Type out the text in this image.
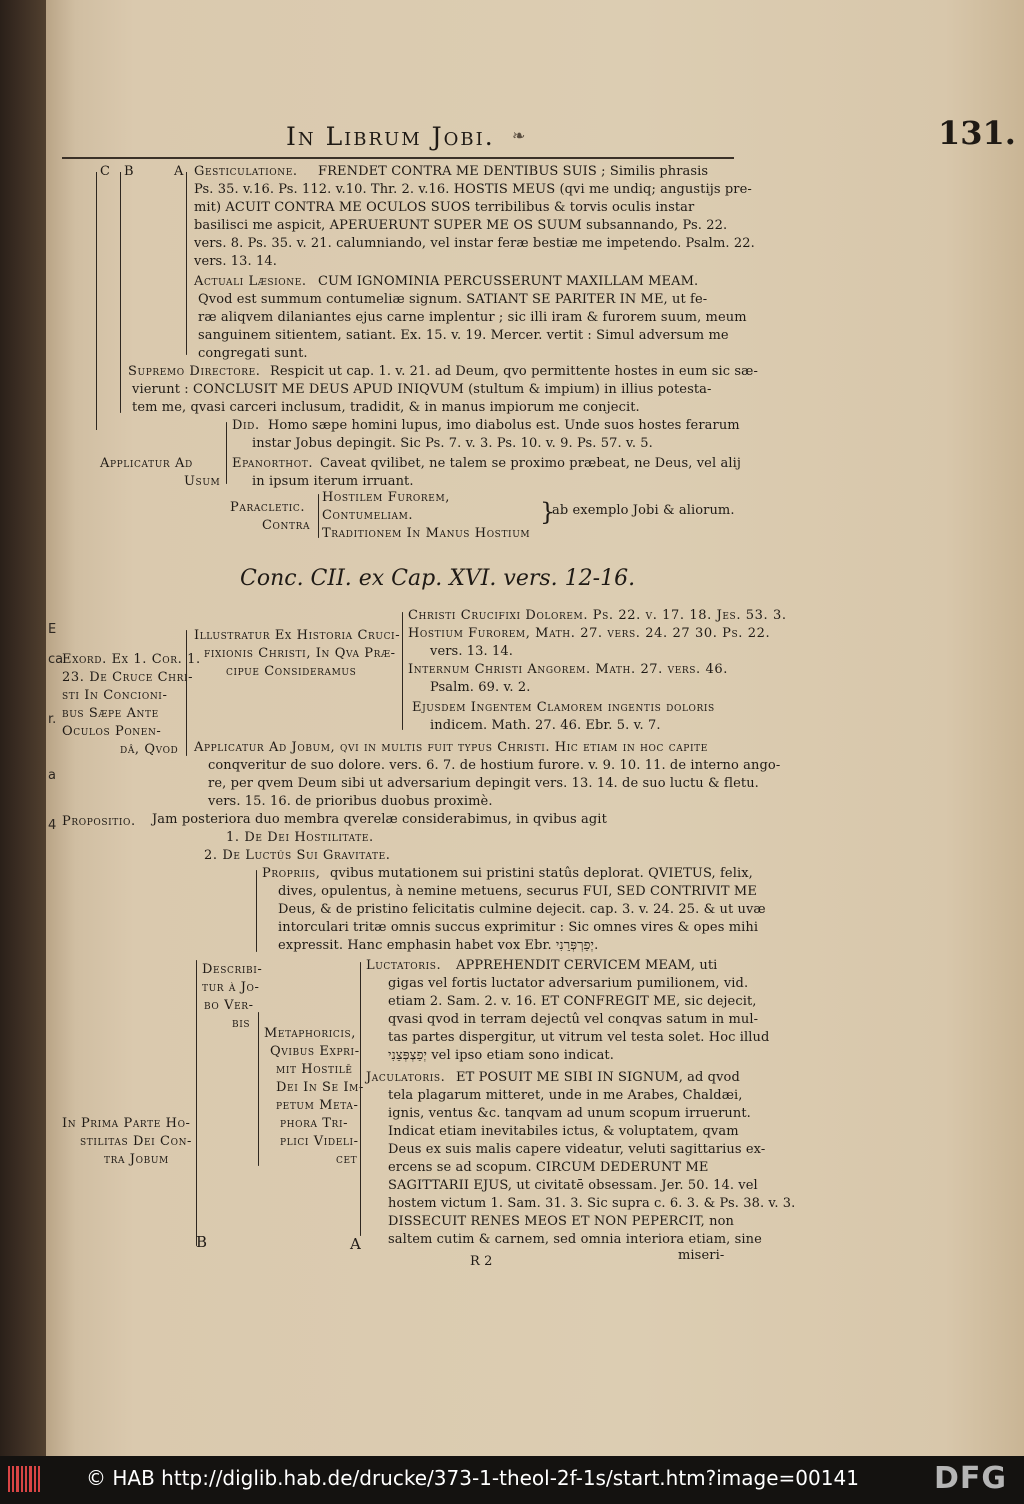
E
ca
r.
a
4
In Librum Jobi. ❧	131.
C B	A Gesticulatione. FRENDET CONTRA ME DENTIBUS SUIS ; Similis phrasis
Ps. 35. v.16. Ps. 112. v.10. Thr. 2. v.16. HOSTIS MEUS (qvi me undiq; angustijs pre-
mit) ACUIT CONTRA ME OCULOS SUOS terribilibus & torvis oculis instar
basilisci me aspicit, APERUERUNT SUPER ME OS SUUM subsannando, Ps. 22.
vers. 8. Ps. 35. v. 21. calumniando, vel instar feræ bestiæ me impetendo. Psalm. 22.
vers. 13. 14.
Actuali Læsione. CUM IGNOMINIA PERCUSSERUNT MAXILLAM MEAM.
Qvod est summum contumeliæ signum. SATIANT SE PARITER IN ME, ut fe-
ræ aliqvem dilaniantes ejus carne implentur ; sic illi iram & furorem suum, meum
sanguinem sitientem, satiant. Ex. 15. v. 19. Mercer. vertit : Simul adversum me
congregati sunt.
Supremo Directore. Respicit ut cap. 1. v. 21. ad Deum, qvo permittente hostes in eum sic sæ-
vierunt : CONCLUSIT ME DEUS APUD INIQVUM (stultum & impium) in illius potesta-
tem me, qvasi carceri inclusum, tradidit, & in manus impiorum me conjecit.
Did. Homo sæpe homini lupus, imo diabolus est. Unde suos hostes ferarum
instar Jobus depingit. Sic Ps. 7. v. 3. Ps. 10. v. 9. Ps. 57. v. 5.
Applicatur Ad
Usum
Epanorthot. Caveat qvilibet, ne talem se proximo præbeat, ne Deus, vel alij
in ipsum iterum irruant.
Paracletic.
Contra
Hostilem Furorem,
Contumeliam.
Traditionem In Manus Hostium
}
ab exemplo Jobi & aliorum.
Conc. CII. ex Cap. XVI. vers. 12-16.
Exord. Ex 1. Cor. 1.
23. De Cruce Chri-
sti In Concioni-
bus Sæpe Ante
Oculos Ponen-
dâ, Qvod
Illustratur Ex Historia Cruci-
fixionis Christi, In Qva Præ-
cipue Consideramus
Christi Crucifixi Dolorem. Ps. 22. v. 17. 18. Jes. 53. 3.
Hostium Furorem, Math. 27. vers. 24. 27 30. Ps. 22.
vers. 13. 14.
Internum Christi Angorem. Math. 27. vers. 46.
Psalm. 69. v. 2.
Ejusdem Ingentem Clamorem ingentis doloris
indicem. Math. 27. 46. Ebr. 5. v. 7.
Applicatur Ad Jobum, qvi in multis fuit typus Christi. Hic etiam in hoc capite
conqveritur de suo dolore. vers. 6. 7. de hostium furore. v. 9. 10. 11. de interno ango-
re, per qvem Deum sibi ut adversarium depingit vers. 13. 14. de suo luctu & fletu.
vers. 15. 16. de prioribus duobus proximè.
Propositio. Jam posteriora duo membra qverelæ considerabimus, in qvibus agit
1. De Dei Hostilitate.
2. De Luctûs Sui Gravitate.
Propriis, qvibus mutationem sui pristini statûs deplorat. QVIETUS, felix,
dives, opulentus, à nemine metuens, securus FUI, SED CONTRIVIT ME
Deus, & de pristino felicitatis culmine dejecit. cap. 3. v. 24. 25. & ut uvæ
intorculari tritæ omnis succus exprimitur : Sic omnes vires & opes mihi
expressit. Hanc emphasin habet vox Ebr. יְפַרְפְּרֵנִי.
Describi-
tur à Jo-
bo Ver-
bis
Metaphoricis,
Qvibus Expri-
mit Hostilē
Dei In Se Im-
petum Meta-
phora Tri-
plici Videli-
cet
Luctatoris. APPREHENDIT CERVICEM MEAM, uti
gigas vel fortis luctator adversarium pumilionem, vid.
etiam 2. Sam. 2. v. 16. ET CONFREGIT ME, sic dejecit,
qvasi qvod in terram dejectû vel conqvas satum in mul-
tas partes dispergitur, ut vitrum vel testa solet. Hoc illud
יְפַצְפְּצֵנִי vel ipso etiam sono indicat.
Jaculatoris. ET POSUIT ME SIBI IN SIGNUM, ad qvod
tela plagarum mitteret, unde in me Arabes, Chaldæi,
ignis, ventus &c. tanqvam ad unum scopum irruerunt.
Indicat etiam inevitabiles ictus, & voluptatem, qvam
Deus ex suis malis capere videatur, veluti sagittarius ex-
ercens se ad scopum. CIRCUM DEDERUNT ME
SAGITTARII EJUS, ut civitatē obsessam. Jer. 50. 14. vel
hostem victum 1. Sam. 31. 3. Sic supra c. 6. 3. & Ps. 38. v. 3.
DISSECUIT RENES MEOS ET NON PEPERCIT, non
saltem cutim & carnem, sed omnia interiora etiam, sine
In Prima Parte Ho-
stilitas Dei Con-
tra Jobum
B	A
R 2	miseri-
© HAB http://diglib.hab.de/drucke/373-1-theol-2f-1s/start.htm?image=00141	DFG
